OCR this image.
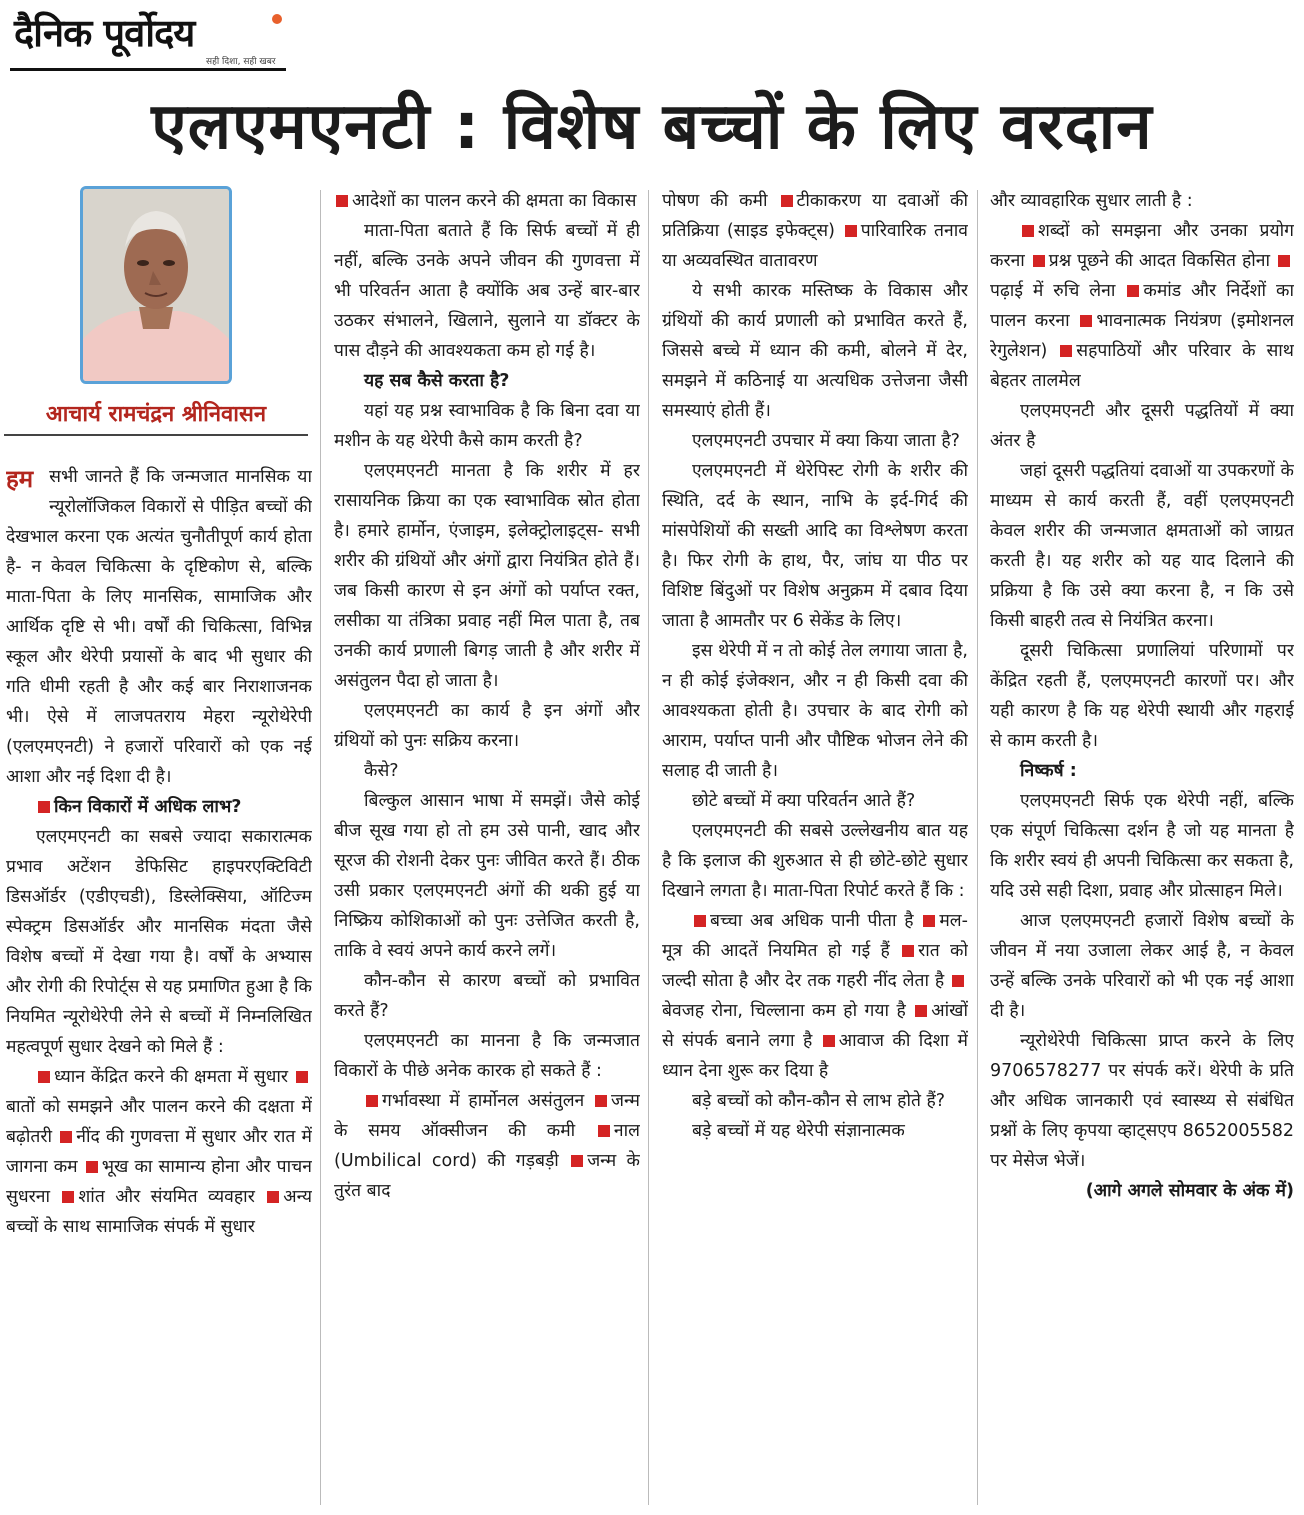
दैनिक पूर्वोदय
सही दिशा, सही खबर
एलएमएनटी : विशेष बच्चों के लिए वरदान
आचार्य रामचंद्रन श्रीनिवासन

हम सभी जानते हैं कि जन्मजात मानसिक या न्यूरोलॉजिकल विकारों से पीड़ित बच्चों की देखभाल करना एक अत्यंत चुनौतीपूर्ण कार्य होता है- न केवल चिकित्सा के दृष्टिकोण से, बल्कि माता-पिता के लिए मानसिक, सामाजिक और आर्थिक दृष्टि से भी। वर्षों की चिकित्सा, विभिन्न स्कूल और थेरेपी प्रयासों के बाद भी सुधार की गति धीमी रहती है और कई बार निराशाजनक भी। ऐसे में लाजपतराय मेहरा न्यूरोथेरेपी (एलएमएनटी) ने हजारों परिवारों को एक नई आशा और नई दिशा दी है।

किन विकारों में अधिक लाभ?

एलएमएनटी का सबसे ज्यादा सकारात्मक प्रभाव अटेंशन डेफिसिट हाइपरएक्टिविटी डिसऑर्डर (एडीएचडी), डिस्लेक्सिया, ऑटिज्म स्पेक्ट्रम डिसऑर्डर और मानसिक मंदता जैसे विशेष बच्चों में देखा गया है। वर्षों के अभ्यास और रोगी की रिपोर्ट्स से यह प्रमाणित हुआ है कि नियमित न्यूरोथेरेपी लेने से बच्चों में निम्नलिखित महत्वपूर्ण सुधार देखने को मिले हैं :

ध्यान केंद्रित करने की क्षमता में सुधार बातों को समझने और पालन करने की दक्षता में बढ़ोतरी नींद की गुणवत्ता में सुधार और रात में जागना कम भूख का सामान्य होना और पाचन सुधरना शांत और संयमित व्यवहार अन्य बच्चों के साथ सामाजिक संपर्क में सुधार

आदेशों का पालन करने की क्षमता का विकास

माता-पिता बताते हैं कि सिर्फ बच्चों में ही नहीं, बल्कि उनके अपने जीवन की गुणवत्ता में भी परिवर्तन आता है क्योंकि अब उन्हें बार-बार उठकर संभालने, खिलाने, सुलाने या डॉक्टर के पास दौड़ने की आवश्यकता कम हो गई है।

यह सब कैसे करता है?

यहां यह प्रश्न स्वाभाविक है कि बिना दवा या मशीन के यह थेरेपी कैसे काम करती है?

एलएमएनटी मानता है कि शरीर में हर रासायनिक क्रिया का एक स्वाभाविक स्रोत होता है। हमारे हार्मोन, एंजाइम, इलेक्ट्रोलाइट्स- सभी शरीर की ग्रंथियों और अंगों द्वारा नियंत्रित होते हैं। जब किसी कारण से इन अंगों को पर्याप्त रक्त, लसीका या तंत्रिका प्रवाह नहीं मिल पाता है, तब उनकी कार्य प्रणाली बिगड़ जाती है और शरीर में असंतुलन पैदा हो जाता है।

एलएमएनटी का कार्य है इन अंगों और ग्रंथियों को पुनः सक्रिय करना।

कैसे?

बिल्कुल आसान भाषा में समझें। जैसे कोई बीज सूख गया हो तो हम उसे पानी, खाद और सूरज की रोशनी देकर पुनः जीवित करते हैं। ठीक उसी प्रकार एलएमएनटी अंगों की थकी हुई या निष्क्रिय कोशिकाओं को पुनः उत्तेजित करती है, ताकि वे स्वयं अपने कार्य करने लगें।

कौन-कौन से कारण बच्चों को प्रभावित करते हैं?

एलएमएनटी का मानना है कि जन्मजात विकारों के पीछे अनेक कारक हो सकते हैं :

गर्भावस्था में हार्मोनल असंतुलन जन्म के समय ऑक्सीजन की कमी नाल (Umbilical cord) की गड़बड़ी जन्म के तुरंत बाद

पोषण की कमी टीकाकरण या दवाओं की प्रतिक्रिया (साइड इफेक्ट्स) पारिवारिक तनाव या अव्यवस्थित वातावरण

ये सभी कारक मस्तिष्क के विकास और ग्रंथियों की कार्य प्रणाली को प्रभावित करते हैं, जिससे बच्चे में ध्यान की कमी, बोलने में देर, समझने में कठिनाई या अत्यधिक उत्तेजना जैसी समस्याएं होती हैं।

एलएमएनटी उपचार में क्या किया जाता है?

एलएमएनटी में थेरेपिस्ट रोगी के शरीर की स्थिति, दर्द के स्थान, नाभि के इर्द-गिर्द की मांसपेशियों की सख्ती आदि का विश्लेषण करता है। फिर रोगी के हाथ, पैर, जांघ या पीठ पर विशिष्ट बिंदुओं पर विशेष अनुक्रम में दबाव दिया जाता है आमतौर पर 6 सेकेंड के लिए।

इस थेरेपी में न तो कोई तेल लगाया जाता है, न ही कोई इंजेक्शन, और न ही किसी दवा की आवश्यकता होती है। उपचार के बाद रोगी को आराम, पर्याप्त पानी और पौष्टिक भोजन लेने की सलाह दी जाती है।

छोटे बच्चों में क्या परिवर्तन आते हैं?

एलएमएनटी की सबसे उल्लेखनीय बात यह है कि इलाज की शुरुआत से ही छोटे-छोटे सुधार दिखाने लगता है। माता-पिता रिपोर्ट करते हैं कि :

बच्चा अब अधिक पानी पीता है मल-मूत्र की आदतें नियमित हो गई हैं रात को जल्दी सोता है और देर तक गहरी नींद लेता है बेवजह रोना, चिल्लाना कम हो गया है आंखों से संपर्क बनाने लगा है आवाज की दिशा में ध्यान देना शुरू कर दिया है

बड़े बच्चों को कौन-कौन से लाभ होते हैं?

बड़े बच्चों में यह थेरेपी संज्ञानात्मक

और व्यावहारिक सुधार लाती है :

शब्दों को समझना और उनका प्रयोग करना प्रश्न पूछने की आदत विकसित होना पढ़ाई में रुचि लेना कमांड और निर्देशों का पालन करना भावनात्मक नियंत्रण (इमोशनल रेगुलेशन) सहपाठियों और परिवार के साथ बेहतर तालमेल

एलएमएनटी और दूसरी पद्धतियों में क्या अंतर है

जहां दूसरी पद्धतियां दवाओं या उपकरणों के माध्यम से कार्य करती हैं, वहीं एलएमएनटी केवल शरीर की जन्मजात क्षमताओं को जाग्रत करती है। यह शरीर को यह याद दिलाने की प्रक्रिया है कि उसे क्या करना है, न कि उसे किसी बाहरी तत्व से नियंत्रित करना।

दूसरी चिकित्सा प्रणालियां परिणामों पर केंद्रित रहती हैं, एलएमएनटी कारणों पर। और यही कारण है कि यह थेरेपी स्थायी और गहराई से काम करती है।

निष्कर्ष :

एलएमएनटी सिर्फ एक थेरेपी नहीं, बल्कि एक संपूर्ण चिकित्सा दर्शन है जो यह मानता है कि शरीर स्वयं ही अपनी चिकित्सा कर सकता है, यदि उसे सही दिशा, प्रवाह और प्रोत्साहन मिले।

आज एलएमएनटी हजारों विशेष बच्चों के जीवन में नया उजाला लेकर आई है, न केवल उन्हें बल्कि उनके परिवारों को भी एक नई आशा दी है।

न्यूरोथेरेपी चिकित्सा प्राप्त करने के लिए 9706578277 पर संपर्क करें। थेरेपी के प्रति और अधिक जानकारी एवं स्वास्थ्य से संबंधित प्रश्नों के लिए कृपया व्हाट्सएप 8652005582 पर मेसेज भेजें।

(आगे अगले सोमवार के अंक में)
